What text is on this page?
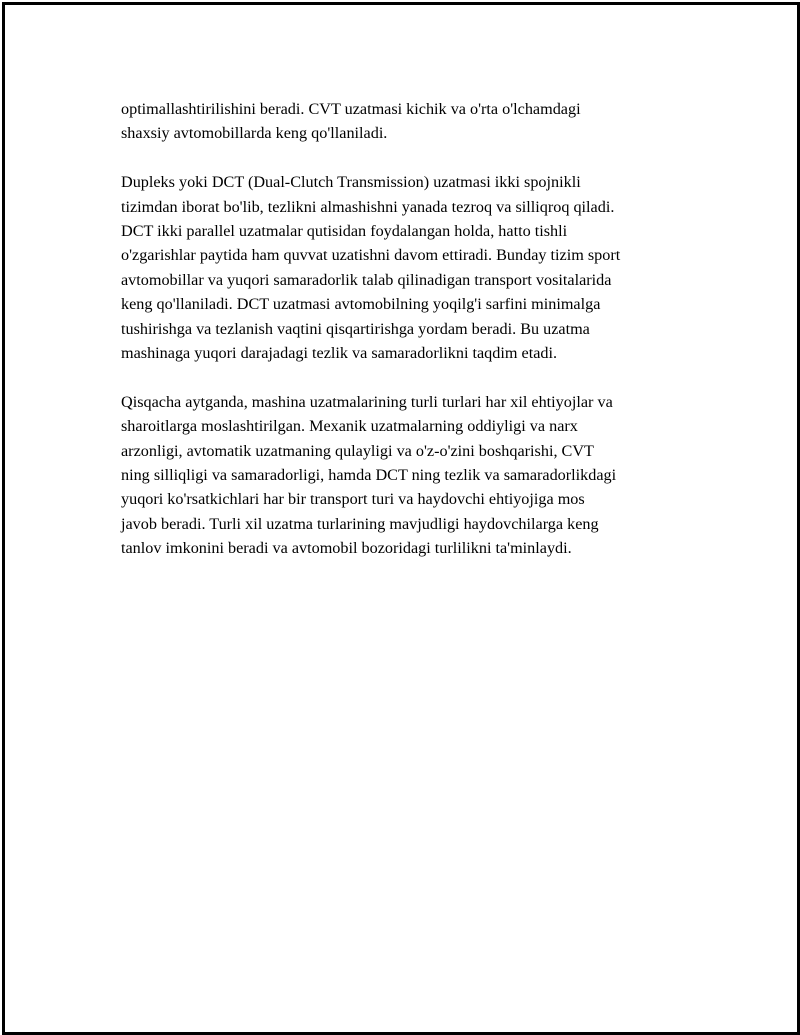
optimallashtirilishini beradi. CVT uzatmasi kichik va o'rta o'lchamdagi
shaxsiy avtomobillarda keng qo'llaniladi.

Dupleks yoki DCT (Dual-Clutch Transmission) uzatmasi ikki spojnikli
tizimdan iborat bo'lib, tezlikni almashishni yanada tezroq va silliqroq qiladi.
DCT ikki parallel uzatmalar qutisidan foydalangan holda, hatto tishli
o'zgarishlar paytida ham quvvat uzatishni davom ettiradi. Bunday tizim sport
avtomobillar va yuqori samaradorlik talab qilinadigan transport vositalarida
keng qo'llaniladi. DCT uzatmasi avtomobilning yoqilg'i sarfini minimalga
tushirishga va tezlanish vaqtini qisqartirishga yordam beradi. Bu uzatma
mashinaga yuqori darajadagi tezlik va samaradorlikni taqdim etadi.

Qisqacha aytganda, mashina uzatmalarining turli turlari har xil ehtiyojlar va
sharoitlarga moslashtirilgan. Mexanik uzatmalarning oddiyligi va narx
arzonligi, avtomatik uzatmaning qulayligi va o'z-o'zini boshqarishi, CVT
ning silliqligi va samaradorligi, hamda DCT ning tezlik va samaradorlikdagi
yuqori ko'rsatkichlari har bir transport turi va haydovchi ehtiyojiga mos
javob beradi. Turli xil uzatma turlarining mavjudligi haydovchilarga keng
tanlov imkonini beradi va avtomobil bozoridagi turlilikni ta'minlaydi.
